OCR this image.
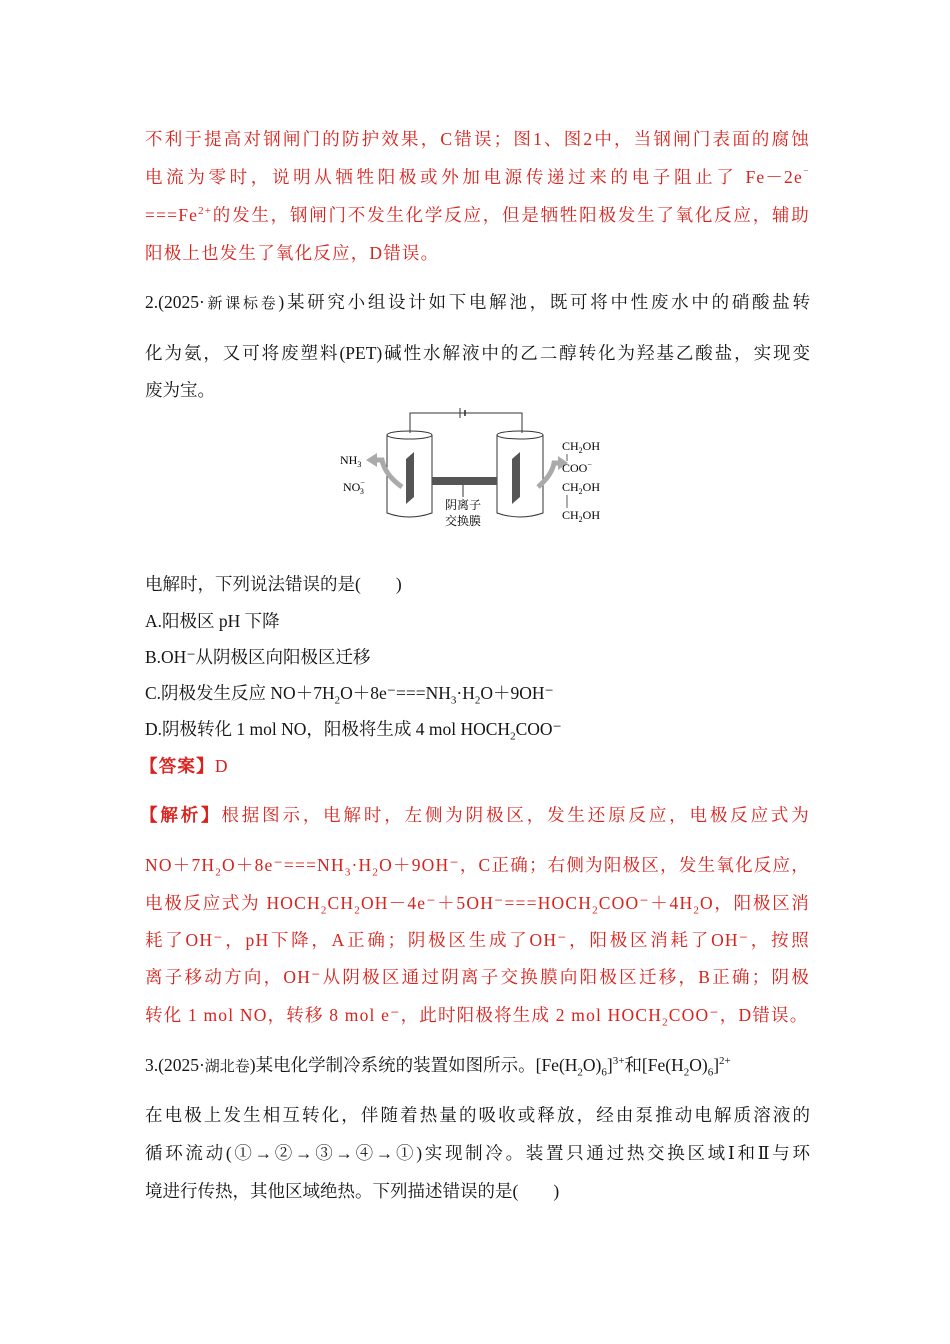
不利于提高对钢闸门的防护效果，C错误；图1、图2中，当钢闸门表面的腐蚀
电流为零时，说明从牺牲阳极或外加电源传递过来的电子阻止了 Fe－2e⁻
$===Fe^{2+}$的发生，钢闸门不发生化学反应，但是牺牲阳极发生了氧化反应，辅助
阳极上也发生了氧化反应，D错误。
2.(2025·新课标卷)某研究小组设计如下电解池，既可将中性废水中的硝酸盐转
化为氨，又可将废塑料(PET)碱性水解液中的乙二醇转化为羟基乙酸盐，实现变
废为宝。
$NH_3$
NO− 3
阴离子
交换膜
$CH_2OH$
COO−
$CH_2OH$
$CH_2OH$
电解时，下列说法错误的是(　　)
A.阳极区 pH 下降
B.OH⁻从阴极区向阳极区迁移
C.阴极发生反应 $NO+7H_2O+8e^-===NH_3\cdot H_2O+9OH^-$
D.阴极转化 1 mol NO，阳极将生成 4 mol $HOCH_2COO^-$
【答案】D
【解析】根据图示，电解时，左侧为阴极区，发生还原反应，电极反应式为
$NO+7H_2O+8e^-===NH_3\cdot H_2O+9OH^-$，C正确；右侧为阳极区，发生氧化反应，
电极反应式为 $HOCH_2CH_2OH-4e^-+5OH^-===HOCH_2COO^-+4H_2O$，阳极区消
耗了OH⁻，pH下降，A正确；阴极区生成了OH⁻，阳极区消耗了OH⁻，按照
离子移动方向，OH⁻从阴极区通过阴离子交换膜向阳极区迁移，B正确；阴极
转化 1 mol NO，转移 8 mol e⁻，此时阳极将生成 2 mol $HOCH_2COO^-$，D错误。
3.(2025·湖北卷)某电化学制冷系统的装置如图所示。$[Fe(H_2O)_6]^{3+}$和$[Fe(H_2O)_6]^{2+}$
在电极上发生相互转化，伴随着热量的吸收或释放，经由泵推动电解质溶液的
循环流动(①→②→③→④→①)实现制冷。装置只通过热交换区域Ⅰ和Ⅱ与环
境进行传热，其他区域绝热。下列描述错误的是(　　)
